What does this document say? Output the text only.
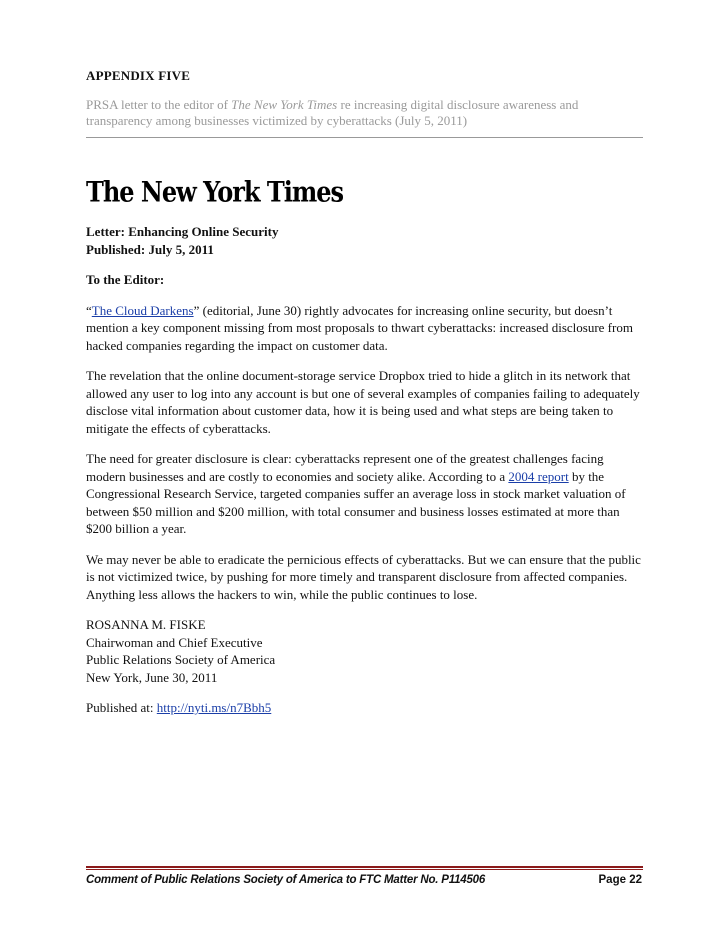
APPENDIX FIVE
PRSA letter to the editor of The New York Times re increasing digital disclosure awareness and transparency among businesses victimized by cyberattacks (July 5, 2011)
The New York Times

Letter: Enhancing Online Security
Published: July 5, 2011

To the Editor:

“The Cloud Darkens” (editorial, June 30) rightly advocates for increasing online security, but doesn’t mention a key component missing from most proposals to thwart cyberattacks: increased disclosure from hacked companies regarding the impact on customer data.

The revelation that the online document-storage service Dropbox tried to hide a glitch in its network that allowed any user to log into any account is but one of several examples of companies failing to adequately disclose vital information about customer data, how it is being used and what steps are being taken to mitigate the effects of cyberattacks.

The need for greater disclosure is clear: cyberattacks represent one of the greatest challenges facing modern businesses and are costly to economies and society alike. According to a 2004 report by the Congressional Research Service, targeted companies suffer an average loss in stock market valuation of between $50 million and $200 million, with total consumer and business losses estimated at more than $200 billion a year.

We may never be able to eradicate the pernicious effects of cyberattacks. But we can ensure that the public is not victimized twice, by pushing for more timely and transparent disclosure from affected companies. Anything less allows the hackers to win, while the public continues to lose.

ROSANNA M. FISKE
Chairwoman and Chief Executive
Public Relations Society of America
New York, June 30, 2011

Published at: http://nyti.ms/n7Bbh5

Comment of Public Relations Society of America to FTC Matter No. P114506	Page 22
